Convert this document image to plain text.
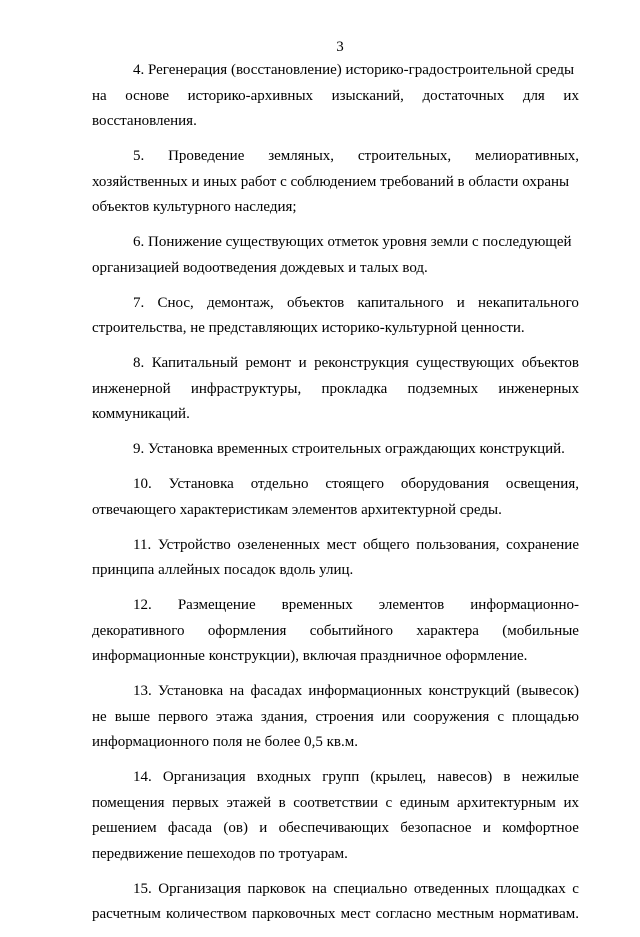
3
4. Регенерация (восстановление) историко-градостроительной среды
на основе историко-архивных изысканий, достаточных для их
восстановления.
5. Проведение земляных, строительных, мелиоративных,
хозяйственных и иных работ с соблюдением требований в области охраны
объектов культурного наследия;
6. Понижение существующих отметок уровня земли с последующей
организацией водоотведения дождевых и талых вод.
7. Снос, демонтаж, объектов капитального и некапитального
строительства, не представляющих историко-культурной ценности.
8. Капитальный ремонт и реконструкция существующих объектов
инженерной инфраструктуры, прокладка подземных инженерных
коммуникаций.
9. Установка временных строительных ограждающих конструкций.
10. Установка отдельно стоящего оборудования освещения,
отвечающего характеристикам элементов архитектурной среды.
11. Устройство озелененных мест общего пользования, сохранение
принципа аллейных посадок вдоль улиц.
12. Размещение временных элементов информационно-
декоративного оформления событийного характера (мобильные
информационные конструкции), включая праздничное оформление.
13. Установка на фасадах информационных конструкций (вывесок)
не выше первого этажа здания, строения или сооружения с площадью
информационного поля не более 0,5 кв.м.
14. Организация входных групп (крылец, навесов) в нежилые
помещения первых этажей в соответствии с единым архитектурным их
решением фасада (ов) и обеспечивающих безопасное и комфортное
передвижение пешеходов по тротуарам.
15. Организация парковок на специально отведенных площадках с
расчетным количеством парковочных мест согласно местным нормативам.
